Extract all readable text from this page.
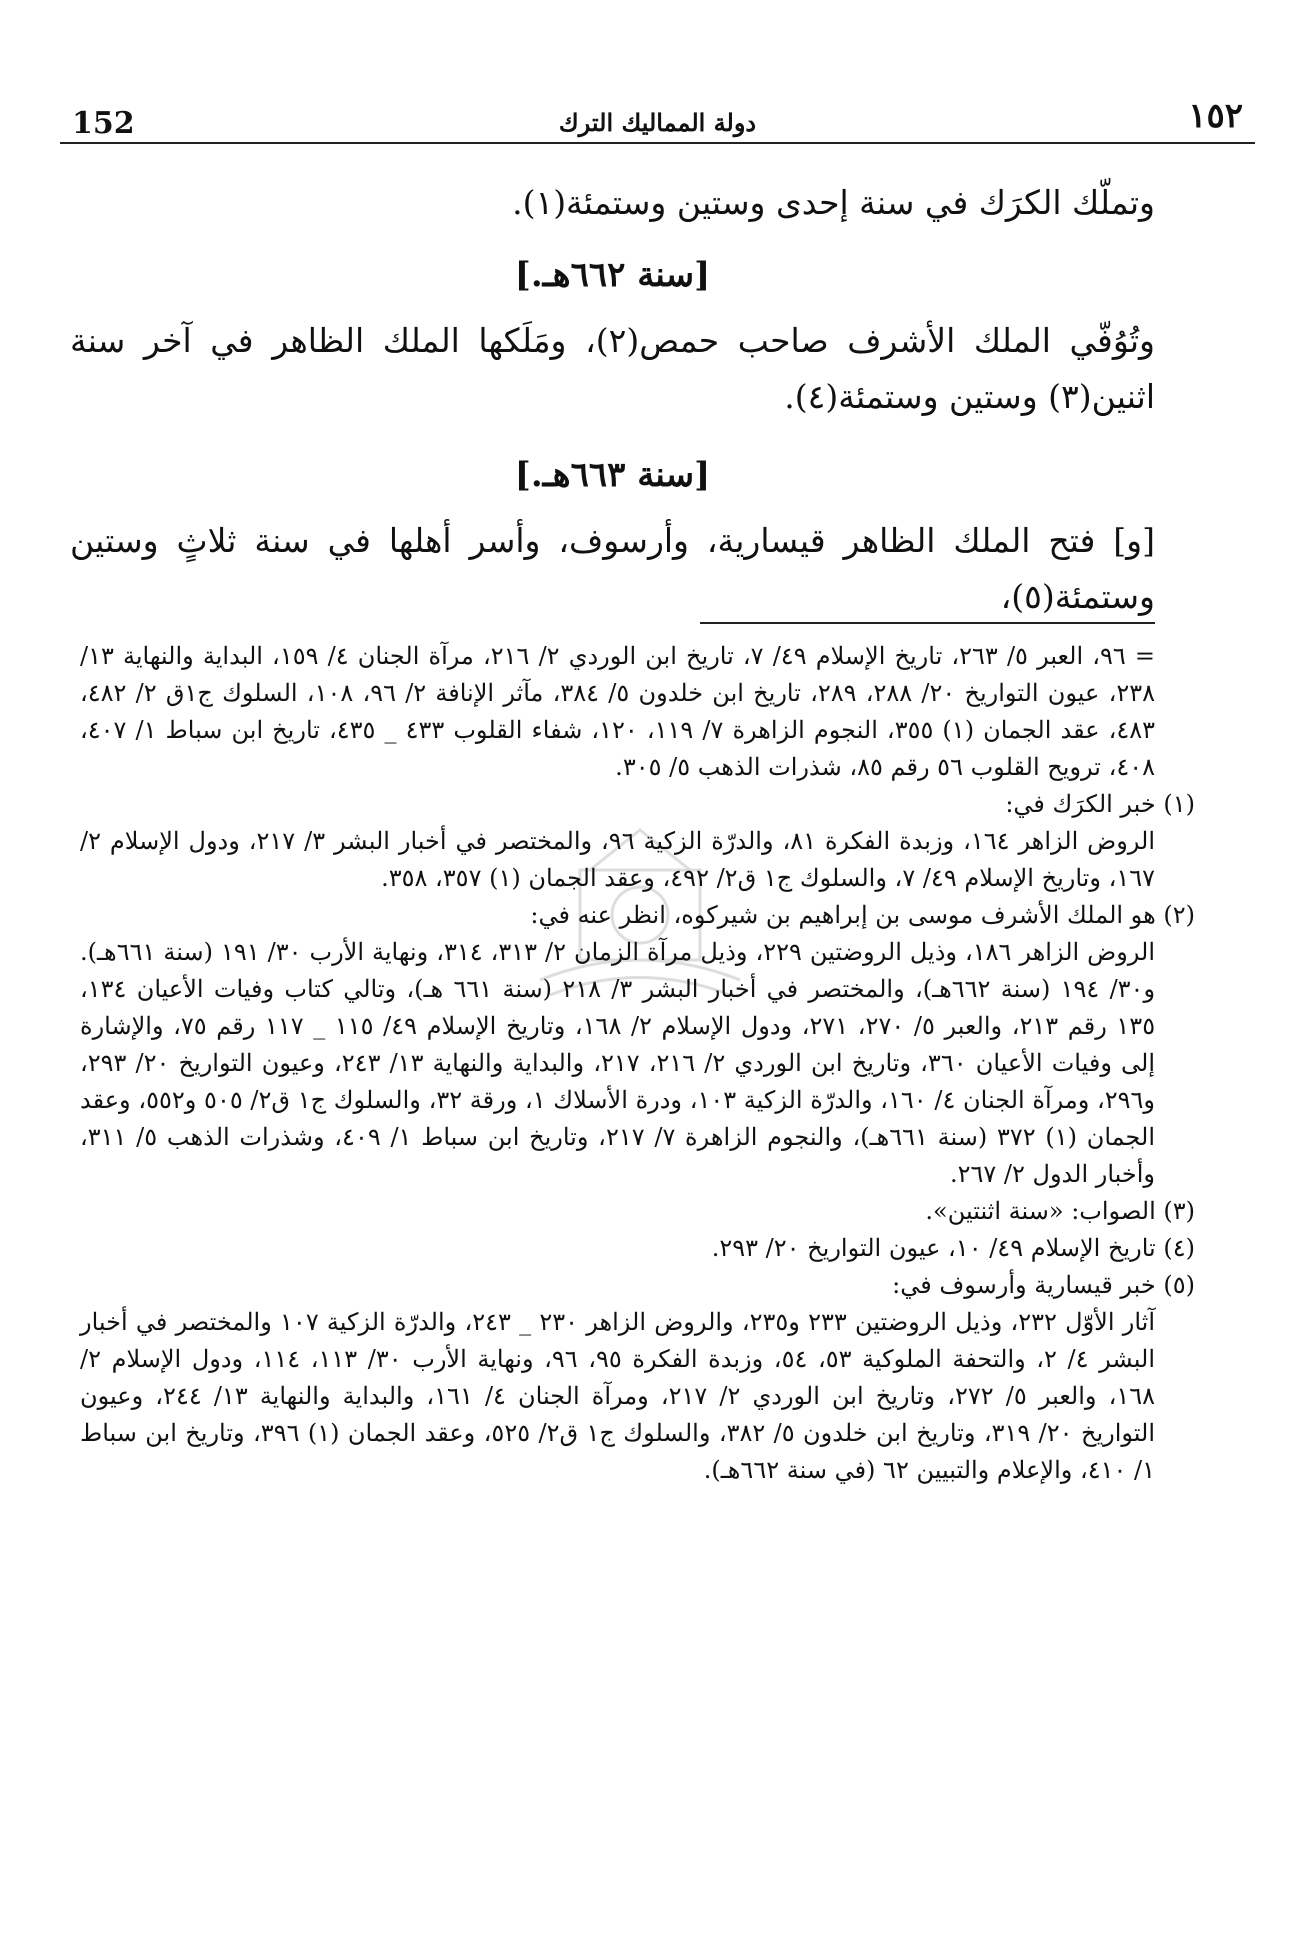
152	دولة المماليك الترك	١٥٢

وتملّك الكرَك في سنة إحدى وستين وستمئة(١).

[سنة ٦٦٢هـ.]

وتُوُفّي الملك الأشرف صاحب حمص(٢)، ومَلَكها الملك الظاهر في آخر سنة اثنين(٣) وستين وستمئة(٤).

[سنة ٦٦٣هـ.]

[و] فتح الملك الظاهر قيسارية، وأرسوف، وأسر أهلها في سنة ثلاثٍ وستين وستمئة(٥)،

= ٩٦، العبر ٥/ ٢٦٣، تاريخ الإسلام ٤٩/ ٧، تاريخ ابن الوردي ٢/ ٢١٦، مرآة الجنان ٤/ ١٥٩، البداية والنهاية ١٣/ ٢٣٨، عيون التواريخ ٢٠/ ٢٨٨، ٢٨٩، تاريخ ابن خلدون ٥/ ٣٨٤، مآثر الإنافة ٢/ ٩٦، ١٠٨، السلوك ج١ق ٢/ ٤٨٢، ٤٨٣، عقد الجمان (١) ٣٥٥، النجوم الزاهرة ٧/ ١١٩، ١٢٠، شفاء القلوب ٤٣٣ _ ٤٣٥، تاريخ ابن سباط ١/ ٤٠٧، ٤٠٨، ترويح القلوب ٥٦ رقم ٨٥، شذرات الذهب ٥/ ٣٠٥.

(١) خبر الكرَك في:

الروض الزاهر ١٦٤، وزبدة الفكرة ٨١، والدرّة الزكية ٩٦، والمختصر في أخبار البشر ٣/ ٢١٧، ودول الإسلام ٢/ ١٦٧، وتاريخ الإسلام ٤٩/ ٧، والسلوك ج١ ق٢/ ٤٩٢، وعقد الجمان (١) ٣٥٧، ٣٥٨.

(٢) هو الملك الأشرف موسى بن إبراهيم بن شيركوه، انظر عنه في:

الروض الزاهر ١٨٦، وذيل الروضتين ٢٢٩، وذيل مرآة الزمان ٢/ ٣١٣، ٣١٤، ونهاية الأرب ٣٠/ ١٩١ (سنة ٦٦١هـ). و٣٠/ ١٩٤ (سنة ٦٦٢هـ)، والمختصر في أخبار البشر ٣/ ٢١٨ (سنة ٦٦١ هـ)، وتالي كتاب وفيات الأعيان ١٣٤، ١٣٥ رقم ٢١٣، والعبر ٥/ ٢٧٠، ٢٧١، ودول الإسلام ٢/ ١٦٨، وتاريخ الإسلام ٤٩/ ١١٥ _ ١١٧ رقم ٧٥، والإشارة إلى وفيات الأعيان ٣٦٠، وتاريخ ابن الوردي ٢/ ٢١٦، ٢١٧، والبداية والنهاية ١٣/ ٢٤٣، وعيون التواريخ ٢٠/ ٢٩٣، و٢٩٦، ومرآة الجنان ٤/ ١٦٠، والدرّة الزكية ١٠٣، ودرة الأسلاك ١، ورقة ٣٢، والسلوك ج١ ق٢/ ٥٠٥ و٥٥٢، وعقد الجمان (١) ٣٧٢ (سنة ٦٦١هـ)، والنجوم الزاهرة ٧/ ٢١٧، وتاريخ ابن سباط ١/ ٤٠٩، وشذرات الذهب ٥/ ٣١١، وأخبار الدول ٢/ ٢٦٧.

(٣) الصواب: «سنة اثنتين».

(٤) تاريخ الإسلام ٤٩/ ١٠، عيون التواريخ ٢٠/ ٢٩٣.

(٥) خبر قيسارية وأرسوف في:

آثار الأوّل ٢٣٢، وذيل الروضتين ٢٣٣ و٢٣٥، والروض الزاهر ٢٣٠ _ ٢٤٣، والدرّة الزكية ١٠٧ والمختصر في أخبار البشر ٤/ ٢، والتحفة الملوكية ٥٣، ٥٤، وزبدة الفكرة ٩٥، ٩٦، ونهاية الأرب ٣٠/ ١١٣، ١١٤، ودول الإسلام ٢/ ١٦٨، والعبر ٥/ ٢٧٢، وتاريخ ابن الوردي ٢/ ٢١٧، ومرآة الجنان ٤/ ١٦١، والبداية والنهاية ١٣/ ٢٤٤، وعيون التواريخ ٢٠/ ٣١٩، وتاريخ ابن خلدون ٥/ ٣٨٢، والسلوك ج١ ق٢/ ٥٢٥، وعقد الجمان (١) ٣٩٦، وتاريخ ابن سباط ١/ ٤١٠، والإعلام والتبيين ٦٢ (في سنة ٦٦٢هـ).
